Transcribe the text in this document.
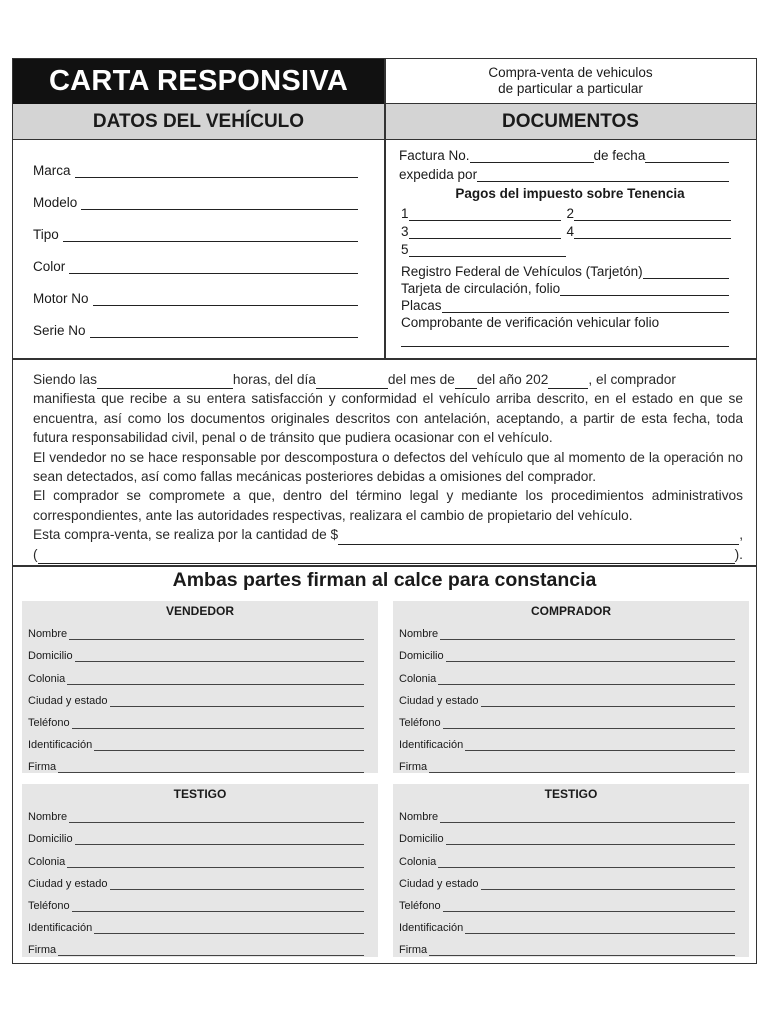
CARTA RESPONSIVA	Compra-venta de vehiculos
de particular a particular
DATOS DEL VEHÍCULO	DOCUMENTOS
Marca
Modelo
Tipo
Color
Motor No
Serie No
Factura No.	de fecha
expedida por
Pagos del impuesto sobre Tenencia
1	2
3	4
5
Registro Federal de Vehículos (Tarjetón)
Tarjeta de circulación, folio
Placas
Comprobante de verificación vehicular folio

Siendo las	horas, del día	del mes de del año 202	, el comprador

manifiesta que recibe a su entera satisfacción y conformidad el vehículo arriba descrito, en el estado en que se encuentra, así como los documentos originales descritos con antelación, aceptando, a partir de esta fecha, toda futura responsabilidad civil, penal o de tránsito que pudiera ocasionar con el vehículo.

El vendedor no se hace responsable por descompostura o defectos del vehículo que al momento de la operación no sean detectados, así como fallas mecánicas posteriores debidas a omisiones del comprador.

El comprador se compromete a que, dentro del término legal y mediante los procedimientos administrativos correspondientes, ante las autoridades respectivas, realizara el cambio de propietario del vehículo.

Esta compra-venta, se realiza por la cantidad de $	,

(	).

Ambas partes firman al calce para constancia
VENDEDOR
Nombre
Domicilio
Colonia
Ciudad y estado
Teléfono
Identificación
Firma
COMPRADOR
Nombre
Domicilio
Colonia
Ciudad y estado
Teléfono
Identificación
Firma
TESTIGO
Nombre
Domicilio
Colonia
Ciudad y estado
Teléfono
Identificación
Firma
TESTIGO
Nombre
Domicilio
Colonia
Ciudad y estado
Teléfono
Identificación
Firma
